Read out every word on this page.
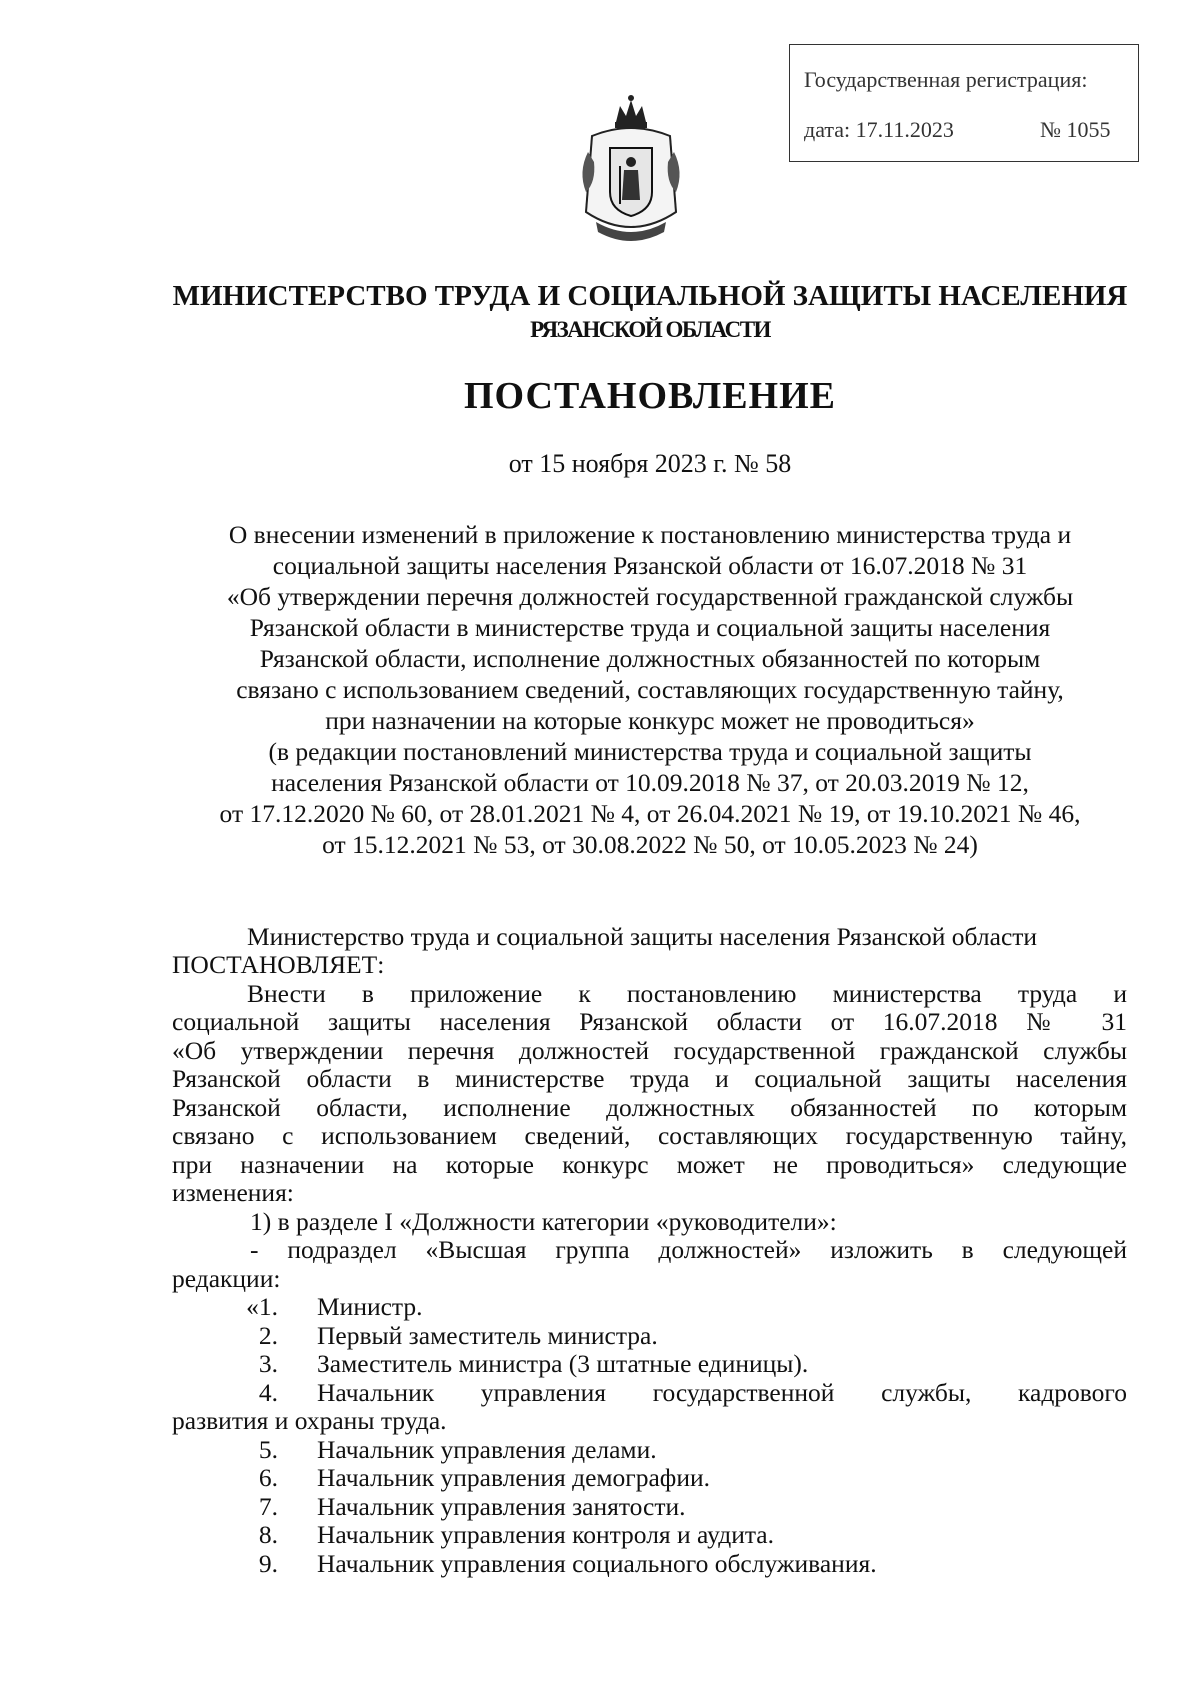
Государственная регистрация:
дата: 17.11.2023	№ 1055
МИНИСТЕРСТВО ТРУДА И СОЦИАЛЬНОЙ ЗАЩИТЫ НАСЕЛЕНИЯ
РЯЗАНСКОЙ ОБЛАСТИ
ПОСТАНОВЛЕНИЕ
от 15 ноября 2023 г. № 58
О внесении изменений в приложение к постановлению министерства труда и
социальной защиты населения Рязанской области от 16.07.2018 № 31
«Об утверждении перечня должностей государственной гражданской службы
Рязанской области в министерстве труда и социальной защиты населения
Рязанской области, исполнение должностных обязанностей по которым
связано с использованием сведений, составляющих государственную тайну,
при назначении на которые конкурс может не проводиться»
(в редакции постановлений министерства труда и социальной защиты
населения Рязанской области от 10.09.2018 № 37, от 20.03.2019 № 12,
от 17.12.2020 № 60, от 28.01.2021 № 4, от 26.04.2021 № 19, от 19.10.2021 № 46,
от 15.12.2021 № 53, от 30.08.2022 № 50, от 10.05.2023 № 24)
Министерство труда и социальной защиты населения Рязанской области
ПОСТАНОВЛЯЕТ:
Внести в приложение к постановлению министерства труда и
социальной защиты населения Рязанской области от 16.07.2018 № 31
«Об утверждении перечня должностей государственной гражданской службы
Рязанской области в министерстве труда и социальной защиты населения
Рязанской области, исполнение должностных обязанностей по которым
связано с использованием сведений, составляющих государственную тайну,
при назначении на которые конкурс может не проводиться» следующие
изменения:
1) в разделе I «Должности категории «руководители»:
- подраздел «Высшая группа должностей» изложить в следующей
редакции:
«1. Министр.
2. Первый заместитель министра.
3. Заместитель министра (3 штатные единицы).
4. Начальник управления государственной службы, кадрового
развития и охраны труда.
5. Начальник управления делами.
6. Начальник управления демографии.
7. Начальник управления занятости.
8. Начальник управления контроля и аудита.
9. Начальник управления социального обслуживания.
